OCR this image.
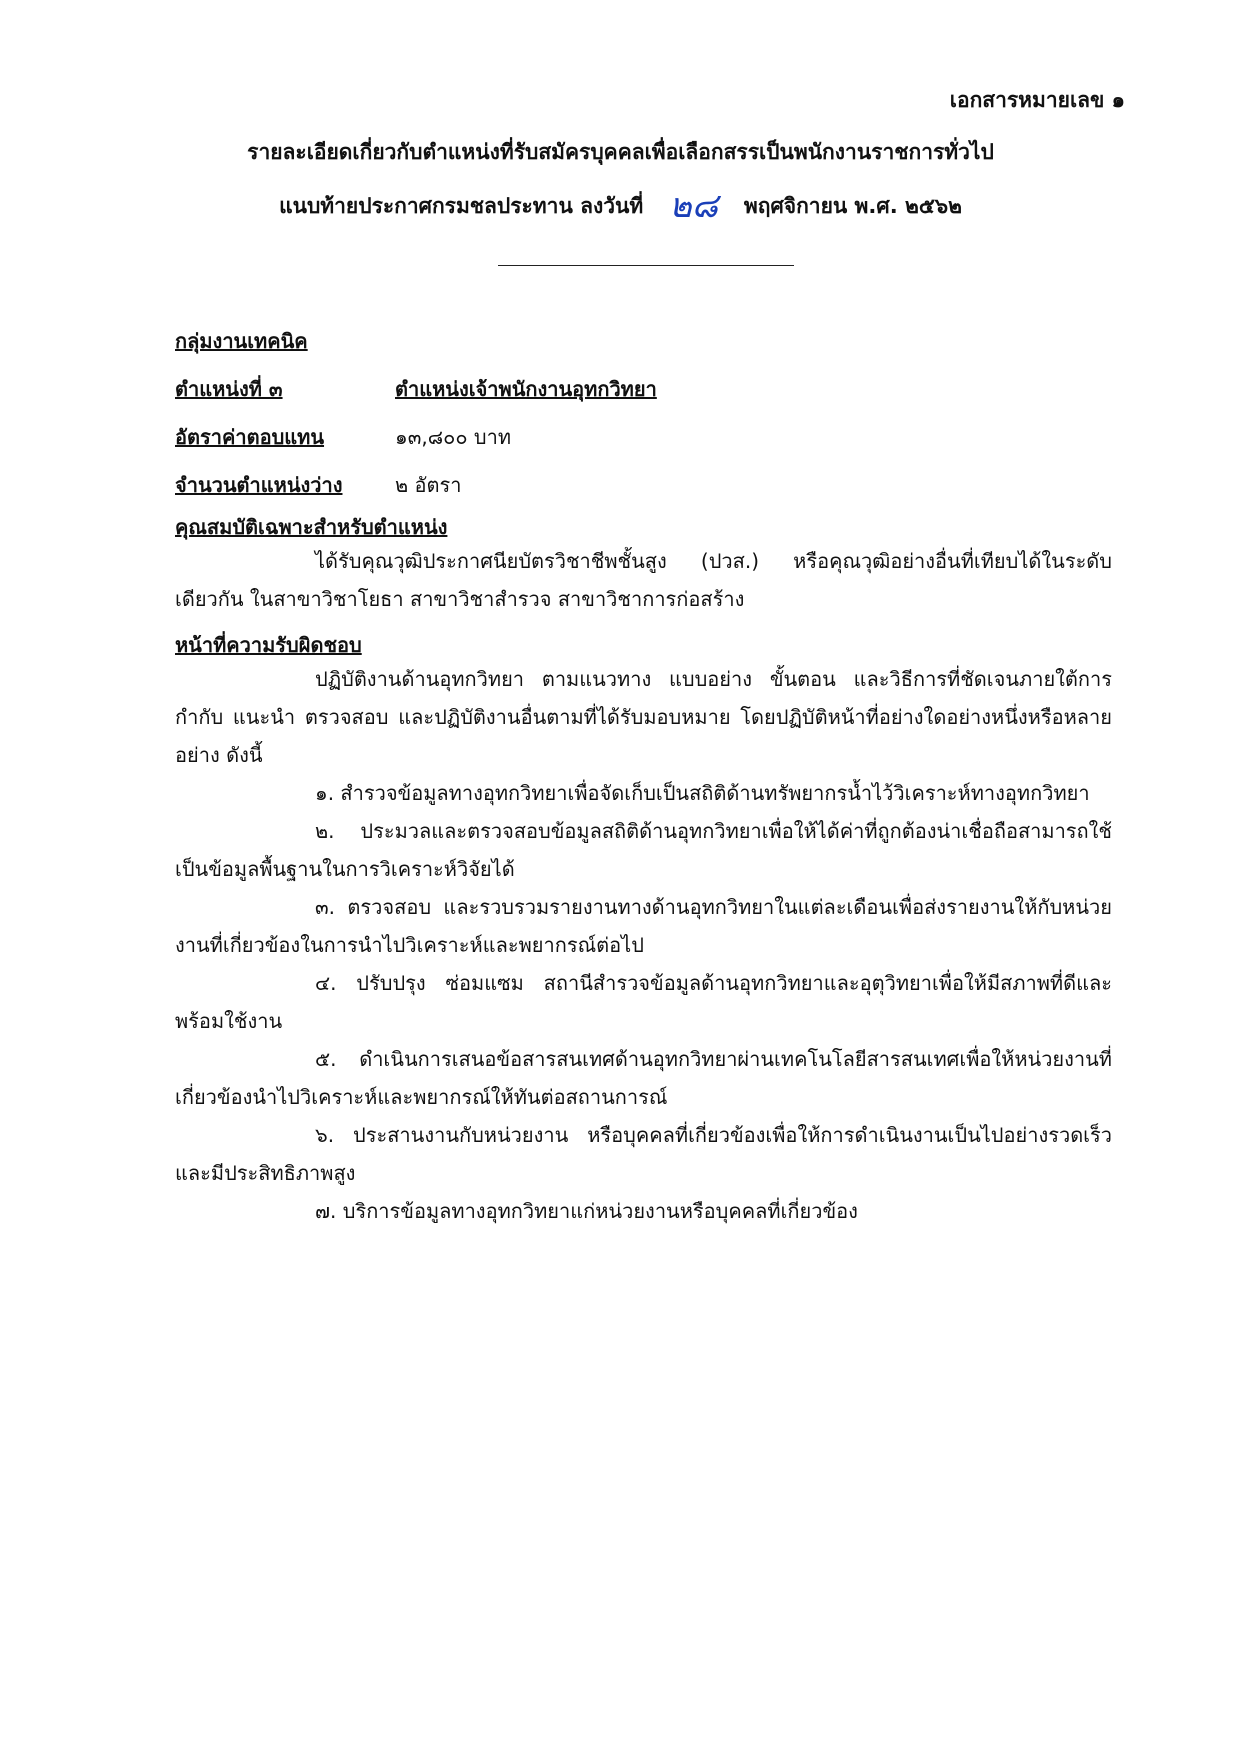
เอกสารหมายเลข ๑

รายละเอียดเกี่ยวกับตำแหน่งที่รับสมัครบุคคลเพื่อเลือกสรรเป็นพนักงานราชการทั่วไป

แนบท้ายประกาศกรมชลประทาน ลงวันที่ ๒๘ พฤศจิกายน พ.ศ. ๒๕๖๒

กลุ่มงานเทคนิค
ตำแหน่งที่ ๓	ตำแหน่งเจ้าพนักงานอุทกวิทยา
อัตราค่าตอบแทน	๑๓,๘๐๐ บาท
จำนวนตำแหน่งว่าง	๒ อัตรา
คุณสมบัติเฉพาะสำหรับตำแหน่ง

ได้รับคุณวุฒิประกาศนียบัตรวิชาชีพชั้นสูง (ปวส.) หรือคุณวุฒิอย่างอื่นที่เทียบได้ในระดับเดียวกัน ในสาขาวิชาโยธา สาขาวิชาสำรวจ สาขาวิชาการก่อสร้าง

หน้าที่ความรับผิดชอบ

ปฏิบัติงานด้านอุทกวิทยา ตามแนวทาง แบบอย่าง ขั้นตอน และวิธีการที่ชัดเจนภายใต้การกำกับ แนะนำ ตรวจสอบ และปฏิบัติงานอื่นตามที่ได้รับมอบหมาย โดยปฏิบัติหน้าที่อย่างใดอย่างหนึ่งหรือหลายอย่าง ดังนี้

๑. สำรวจข้อมูลทางอุทกวิทยาเพื่อจัดเก็บเป็นสถิติด้านทรัพยากรน้ำไว้วิเคราะห์ทางอุทกวิทยา

๒. ประมวลและตรวจสอบข้อมูลสถิติด้านอุทกวิทยาเพื่อให้ได้ค่าที่ถูกต้องน่าเชื่อถือสามารถใช้เป็นข้อมูลพื้นฐานในการวิเคราะห์วิจัยได้

๓. ตรวจสอบ และรวบรวมรายงานทางด้านอุทกวิทยาในแต่ละเดือนเพื่อส่งรายงานให้กับหน่วยงานที่เกี่ยวข้องในการนำไปวิเคราะห์และพยากรณ์ต่อไป

๔. ปรับปรุง ซ่อมแซม สถานีสำรวจข้อมูลด้านอุทกวิทยาและอุตุวิทยาเพื่อให้มีสภาพที่ดีและพร้อมใช้งาน

๕. ดำเนินการเสนอข้อสารสนเทศด้านอุทกวิทยาผ่านเทคโนโลยีสารสนเทศเพื่อให้หน่วยงานที่เกี่ยวข้องนำไปวิเคราะห์และพยากรณ์ให้ทันต่อสถานการณ์

๖. ประสานงานกับหน่วยงาน หรือบุคคลที่เกี่ยวข้องเพื่อให้การดำเนินงานเป็นไปอย่างรวดเร็วและมีประสิทธิภาพสูง

๗. บริการข้อมูลทางอุทกวิทยาแก่หน่วยงานหรือบุคคลที่เกี่ยวข้อง
